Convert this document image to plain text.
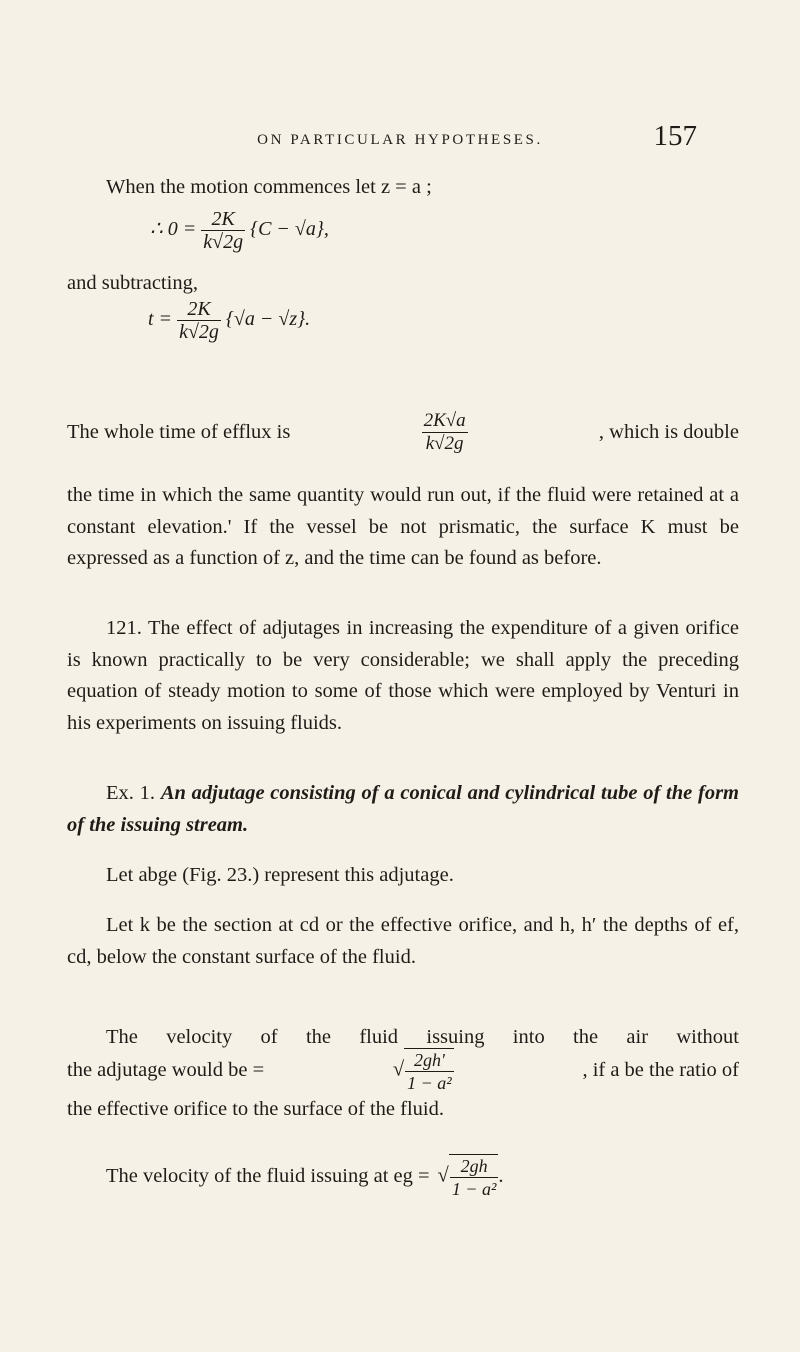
ON PARTICULAR HYPOTHESES.	157

When the motion commences let z = a ;

∴ $0 = \frac{2K}{k√2g} \{C - √a\}$,
and subtracting,
$t = \frac{2K}{k√2g} \{√a - √z\}$.
The whole time of efflux is	$\frac{2K√a}{k√2g}$	, which is double

the time in which the same quantity would run out, if the fluid were retained at a constant elevation.' If the vessel be not prismatic, the surface K must be expressed as a function of z, and the time can be found as before.

121. The effect of adjutages in increasing the expenditure of a given orifice is known practically to be very considerable; we shall apply the preceding equation of steady motion to some of those which were employed by Venturi in his experiments on issuing fluids.

Ex. 1. An adjutage consisting of a conical and cylindrical tube of the form of the issuing stream.

Let abge (Fig. 23.) represent this adjutage.

Let k be the section at cd or the effective orifice, and h, h′ the depths of ef, cd, below the constant surface of the fluid.

The velocity of the fluid issuing into the air without

the adjutage would be =	√ $\frac{2gh'}{\text{1 − a²}}$	, if a be the ratio of
the effective orifice to the surface of the fluid.
The velocity of the fluid issuing at eg = √ $\frac{2gh}{\text{1 − a²}}$ .
